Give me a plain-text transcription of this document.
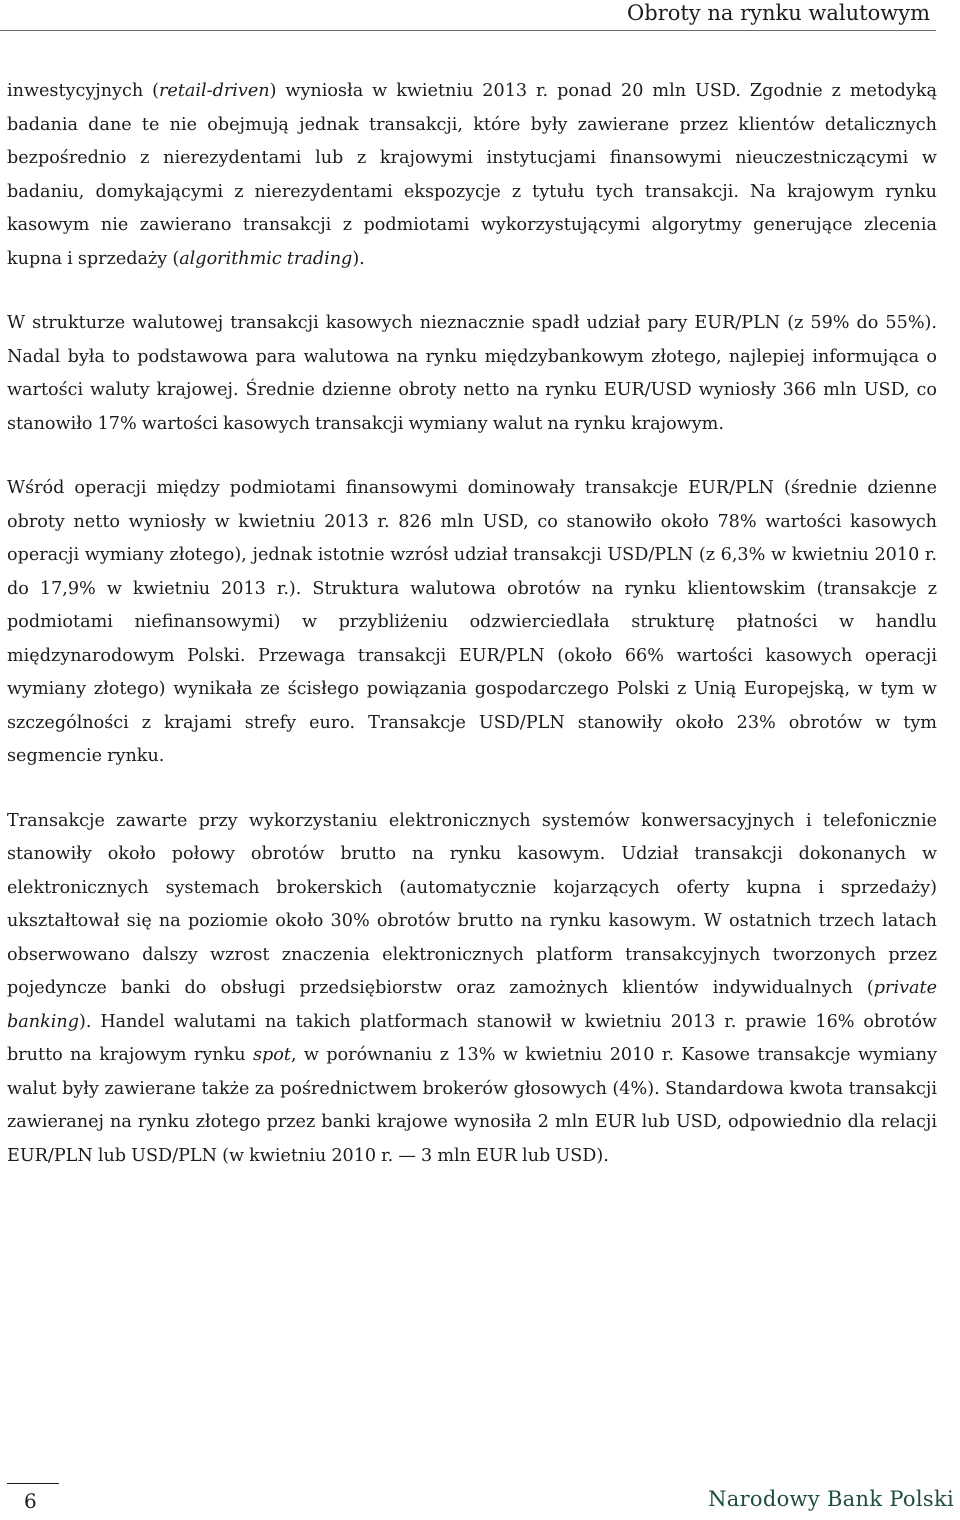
Obroty na rynku walutowym

inwestycyjnych (retail-driven) wyniosła w kwietniu 2013 r. ponad 20 mln USD. Zgodnie z metodyką badania dane te nie obejmują jednak transakcji, które były zawierane przez klientów detalicznych bezpośrednio z nierezydentami lub z krajowymi instytucjami finansowymi nieuczestniczącymi w badaniu, domykającymi z nierezydentami ekspozycje z tytułu tych transakcji. Na krajowym rynku kasowym nie zawierano transakcji z podmiotami wykorzystującymi algorytmy generujące zlecenia kupna i sprzedaży (algorithmic trading).

W strukturze walutowej transakcji kasowych nieznacznie spadł udział pary EUR/PLN (z 59% do 55%). Nadal była to podstawowa para walutowa na rynku międzybankowym złotego, najlepiej informująca o wartości waluty krajowej. Średnie dzienne obroty netto na rynku EUR/USD wyniosły 366 mln USD, co stanowiło 17% wartości kasowych transakcji wymiany walut na rynku krajowym.

Wśród operacji między podmiotami finansowymi dominowały transakcje EUR/PLN (średnie dzienne obroty netto wyniosły w kwietniu 2013 r. 826 mln USD, co stanowiło około 78% wartości kasowych operacji wymiany złotego), jednak istotnie wzrósł udział transakcji USD/PLN (z 6,3% w kwietniu 2010 r. do 17,9% w kwietniu 2013 r.). Struktura walutowa obrotów na rynku klientowskim (transakcje z podmiotami niefinansowymi) w przybliżeniu odzwierciedlała strukturę płatności w handlu międzynarodowym Polski. Przewaga transakcji EUR/PLN (około 66% wartości kasowych operacji wymiany złotego) wynikała ze ścisłego powiązania gospodarczego Polski z Unią Europejską, w tym w szczególności z krajami strefy euro. Transakcje USD/PLN stanowiły około 23% obrotów w tym segmencie rynku.

Transakcje zawarte przy wykorzystaniu elektronicznych systemów konwersacyjnych i telefonicznie stanowiły około połowy obrotów brutto na rynku kasowym. Udział transakcji dokonanych w elektronicznych systemach brokerskich (automatycznie kojarzących oferty kupna i sprzedaży) ukształtował się na poziomie około 30% obrotów brutto na rynku kasowym. W ostatnich trzech latach obserwowano dalszy wzrost znaczenia elektronicznych platform transakcyjnych tworzonych przez pojedyncze banki do obsługi przedsiębiorstw oraz zamożnych klientów indywidualnych (private banking). Handel walutami na takich platformach stanowił w kwietniu 2013 r. prawie 16% obrotów brutto na krajowym rynku spot, w porównaniu z 13% w kwietniu 2010 r. Kasowe transakcje wymiany walut były zawierane także za pośrednictwem brokerów głosowych (4%). Standardowa kwota transakcji zawieranej na rynku złotego przez banki krajowe wynosiła 2 mln EUR lub USD, odpowiednio dla relacji EUR/PLN lub USD/PLN (w kwietniu 2010 r. — 3 mln EUR lub USD).

6	Narodowy Bank Polski
